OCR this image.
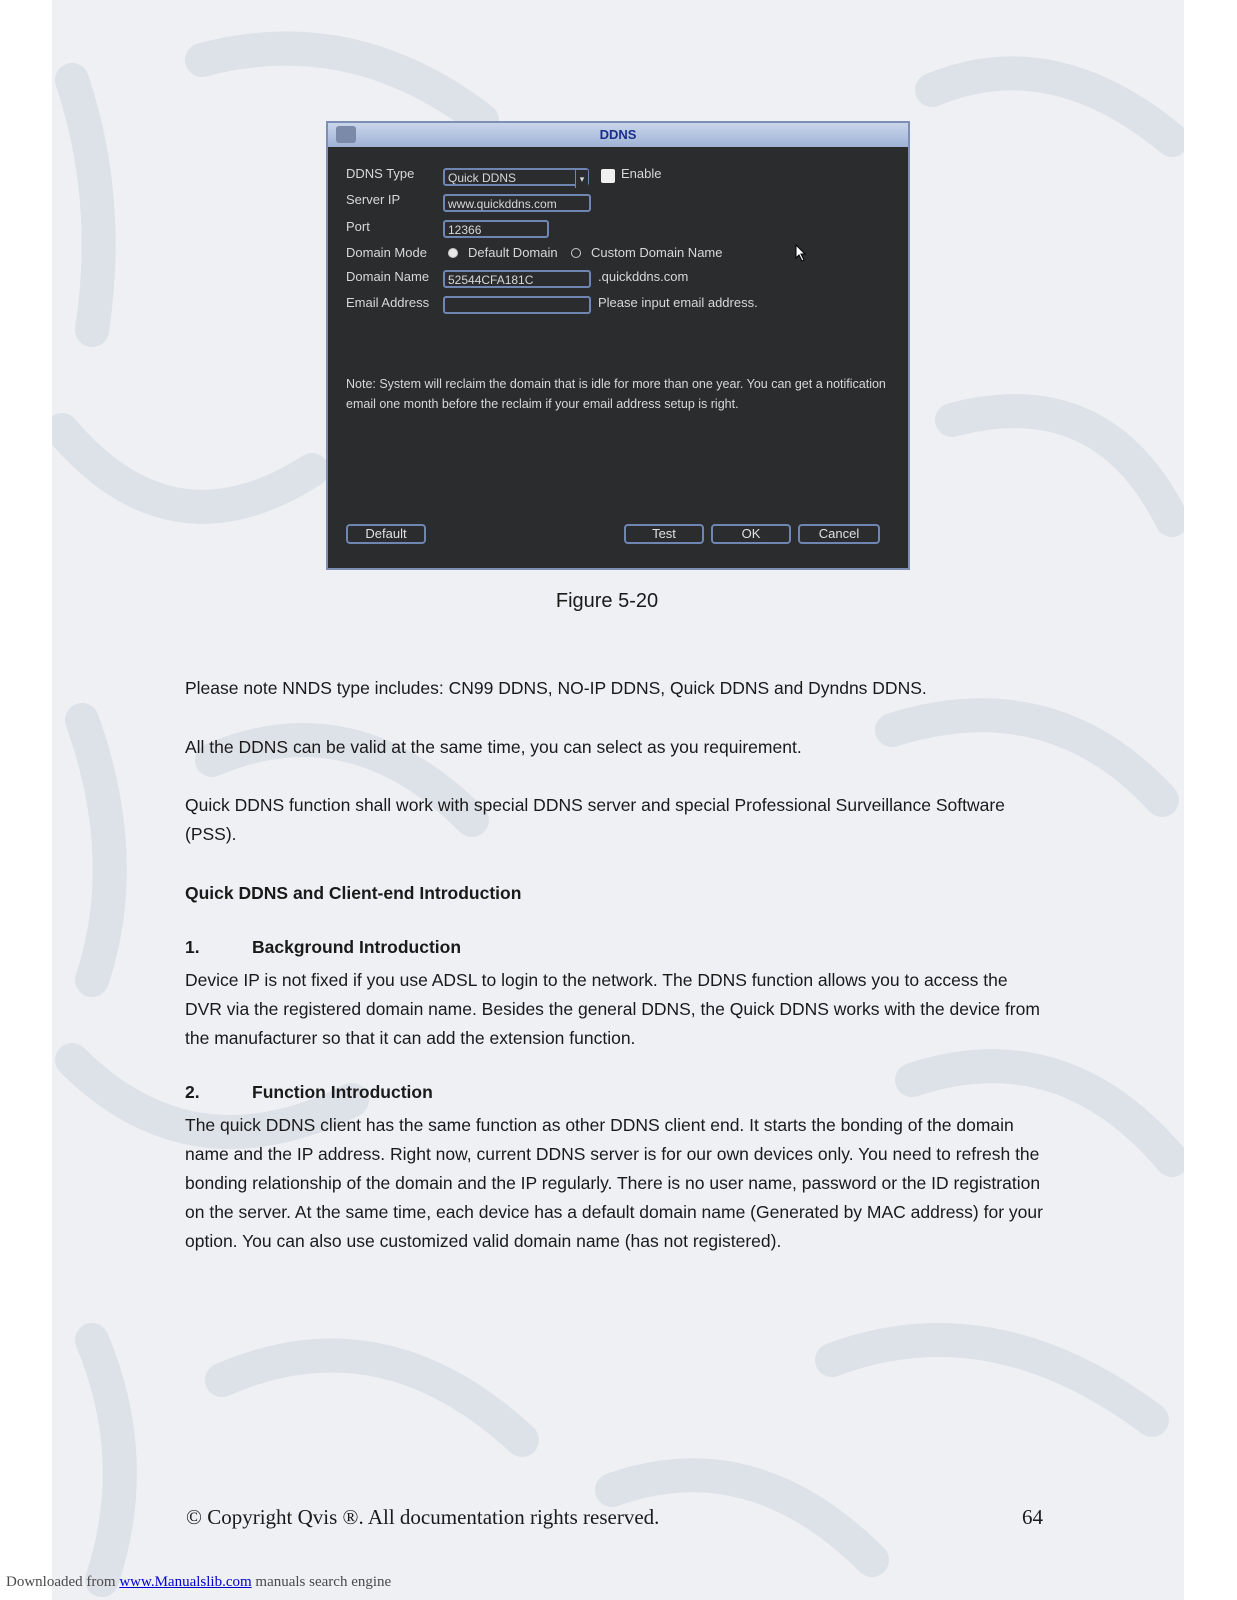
DDNS
DDNS Type	Quick DDNS	▾	Enable
Server IP	www.quickddns.com
Port	12366
Domain Mode	Default Domain	Custom Domain Name
Domain Name	52544CFA181C	.quickddns.com
Email Address	Please input email address.
Note: System will reclaim the domain that is idle for more than one year. You can get a notification email one month before the reclaim if your email address setup is right.
Default	Test	OK	Cancel
Figure 5-20
Please note NNDS type includes: CN99 DDNS, NO-IP DDNS, Quick DDNS and Dyndns DDNS.
All the DDNS can be valid at the same time, you can select as you requirement.
Quick DDNS function shall work with special DDNS server and special Professional Surveillance Software (PSS).
Quick DDNS and Client-end Introduction
1.	Background Introduction
Device IP is not fixed if you use ADSL to login to the network. The DDNS function allows you to access the DVR via the registered domain name. Besides the general DDNS, the Quick DDNS works with the device from the manufacturer so that it can add the extension function.
2.	Function Introduction
The quick DDNS client has the same function as other DDNS client end. It starts the bonding of the domain name and the IP address. Right now, current DDNS server is for our own devices only. You need to refresh the bonding relationship of the domain and the IP regularly. There is no user name, password or the ID registration on the server. At the same time, each device has a default domain name (Generated by MAC address) for your option. You can also use customized valid domain name (has not registered).
© Copyright Qvis ®. All documentation rights reserved.	64
Downloaded from www.Manualslib.com manuals search engine
